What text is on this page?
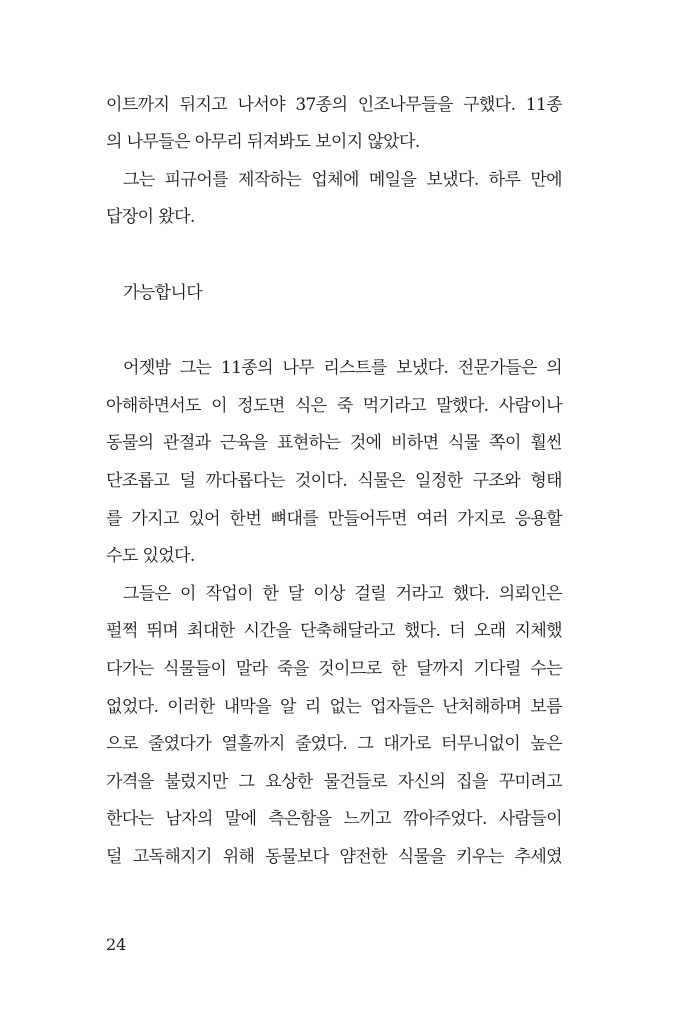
이트까지 뒤지고 나서야 37종의 인조나무들을 구했다. 11종
의 나무들은 아무리 뒤져봐도 보이지 않았다.
그는 피규어를 제작하는 업체에 메일을 보냈다. 하루 만에
답장이 왔다.
가능합니다
어젯밤 그는 11종의 나무 리스트를 보냈다. 전문가들은 의
아해하면서도 이 정도면 식은 죽 먹기라고 말했다. 사람이나
동물의 관절과 근육을 표현하는 것에 비하면 식물 쪽이 훨씬
단조롭고 덜 까다롭다는 것이다. 식물은 일정한 구조와 형태
를 가지고 있어 한번 뼈대를 만들어두면 여러 가지로 응용할
수도 있었다.
그들은 이 작업이 한 달 이상 걸릴 거라고 했다. 의뢰인은
펄쩍 뛰며 최대한 시간을 단축해달라고 했다. 더 오래 지체했
다가는 식물들이 말라 죽을 것이므로 한 달까지 기다릴 수는
없었다. 이러한 내막을 알 리 없는 업자들은 난처해하며 보름
으로 줄였다가 열흘까지 줄였다. 그 대가로 터무니없이 높은
가격을 불렀지만 그 요상한 물건들로 자신의 집을 꾸미려고
한다는 남자의 말에 측은함을 느끼고 깎아주었다. 사람들이
덜 고독해지기 위해 동물보다 얌전한 식물을 키우는 추세였
24
